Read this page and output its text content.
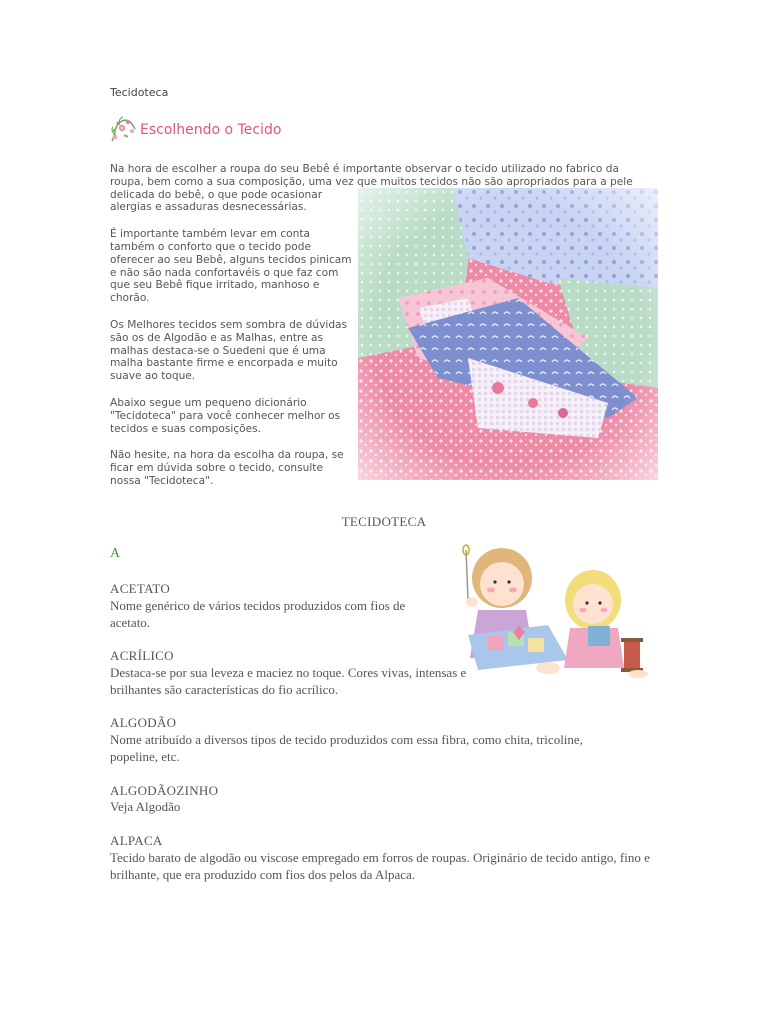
Tecidoteca
Escolhendo o Tecido

Na hora de escolher a roupa do seu Bebê é importante observar o tecido utilizado no fabrico da roupa, bem como a sua composição, uma vez que muitos tecidos não são apropriados para a pele

delicada do bebê, o que pode ocasionar alergias e assaduras desnecessárias.

É importante também levar em conta também o conforto que o tecido pode oferecer ao seu Bebê, alguns tecidos pinicam e não são nada confortavéis o que faz com que seu Bebê fique irritado, manhoso e chorão.

Os Melhores tecidos sem sombra de dúvidas são os de Algodão e as Malhas, entre as malhas destaca-se o Suedeni que é uma malha bastante firme e encorpada e muito suave ao toque.

Abaixo segue um pequeno dicionário "Tecidoteca" para você conhecer melhor os tecidos e suas composições.

Não hesite, na hora da escolha da roupa, se ficar em dúvida sobre o tecido, consulte nossa "Tecidoteca".

TECIDOTECA
A
ACETATO
Nome genérico de vários tecidos produzidos com fios de acetato.
ACRÍLICO
Destaca-se por sua leveza e maciez no toque. Cores vivas, intensas e brilhantes são características do fio acrílico.
ALGODÃO
Nome atribuído a diversos tipos de tecido produzidos com essa fibra, como chita, tricoline, popeline, etc.
ALGODÃOZINHO
Veja Algodão
ALPACA
Tecido barato de algodão ou viscose empregado em forros de roupas. Originário de tecido antigo, fino e brilhante, que era produzido com fios dos pelos da Alpaca.
